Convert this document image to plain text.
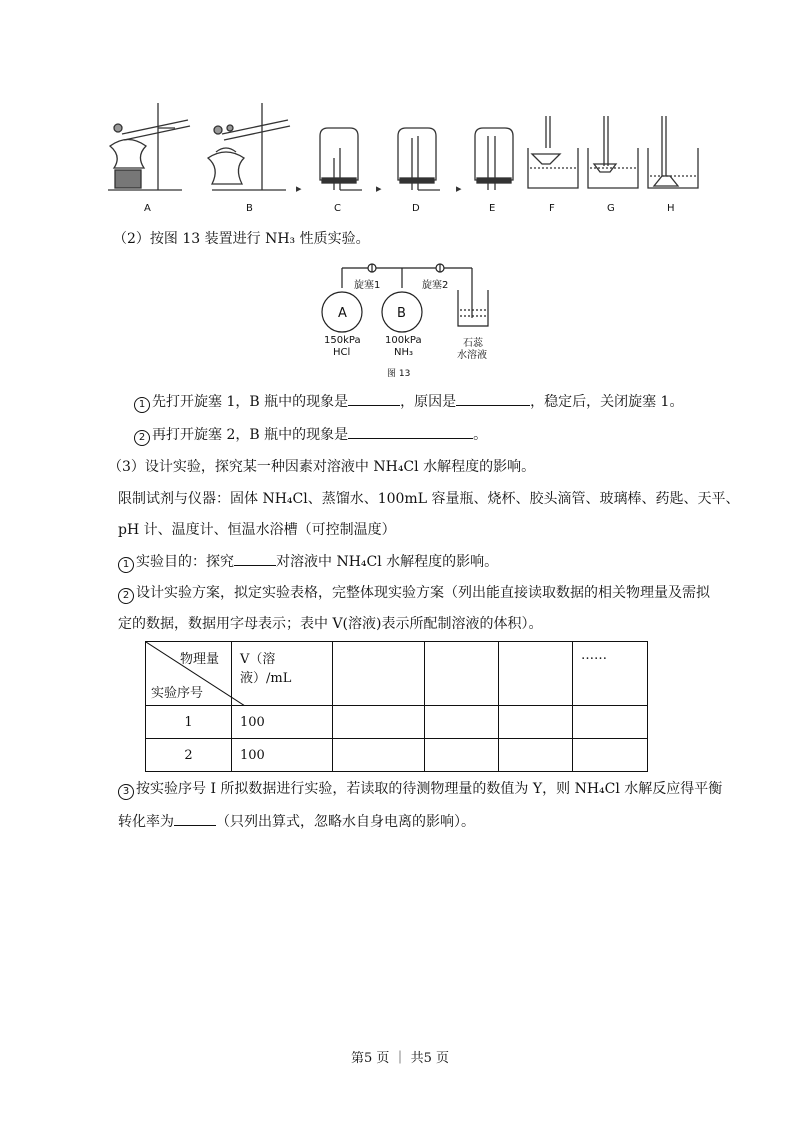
▸	▸	▸
A	B	C	D	E	F	G	H
（2）按图 13 装置进行 NH₃ 性质实验。
旋塞1	旋塞2
A	B
150kPa
HCl
100kPa
NH₃
石蕊
水溶液
图 13
1 先打开旋塞 1，B 瓶中的现象是	，原因是	，稳定后，关闭旋塞 1。
2 再打开旋塞 2，B 瓶中的现象是	。
（3）设计实验，探究某一种因素对溶液中 NH₄Cl 水解程度的影响。
限制试剂与仪器：固体 NH₄Cl、蒸馏水、100mL 容量瓶、烧杯、胶头滴管、玻璃棒、药匙、天平、
pH 计、温度计、恒温水浴槽（可控制温度）
1 实验目的：探究	对溶液中 NH₄Cl 水解程度的影响。
2 设计实验方案，拟定实验表格，完整体现实验方案（列出能直接读取数据的相关物理量及需拟
定的数据，数据用字母表示；表中 V(溶液)表示所配制溶液的体积）。
物理量
实验序号	V（溶液）/mL				……
1	100				
2	100				
3 按实验序号 I 所拟数据进行实验，若读取的待测物理量的数值为 Y，则 NH₄Cl 水解反应得平衡
转化率为	（只列出算式，忽略水自身电离的影响）。
第5 页 ｜ 共5 页
